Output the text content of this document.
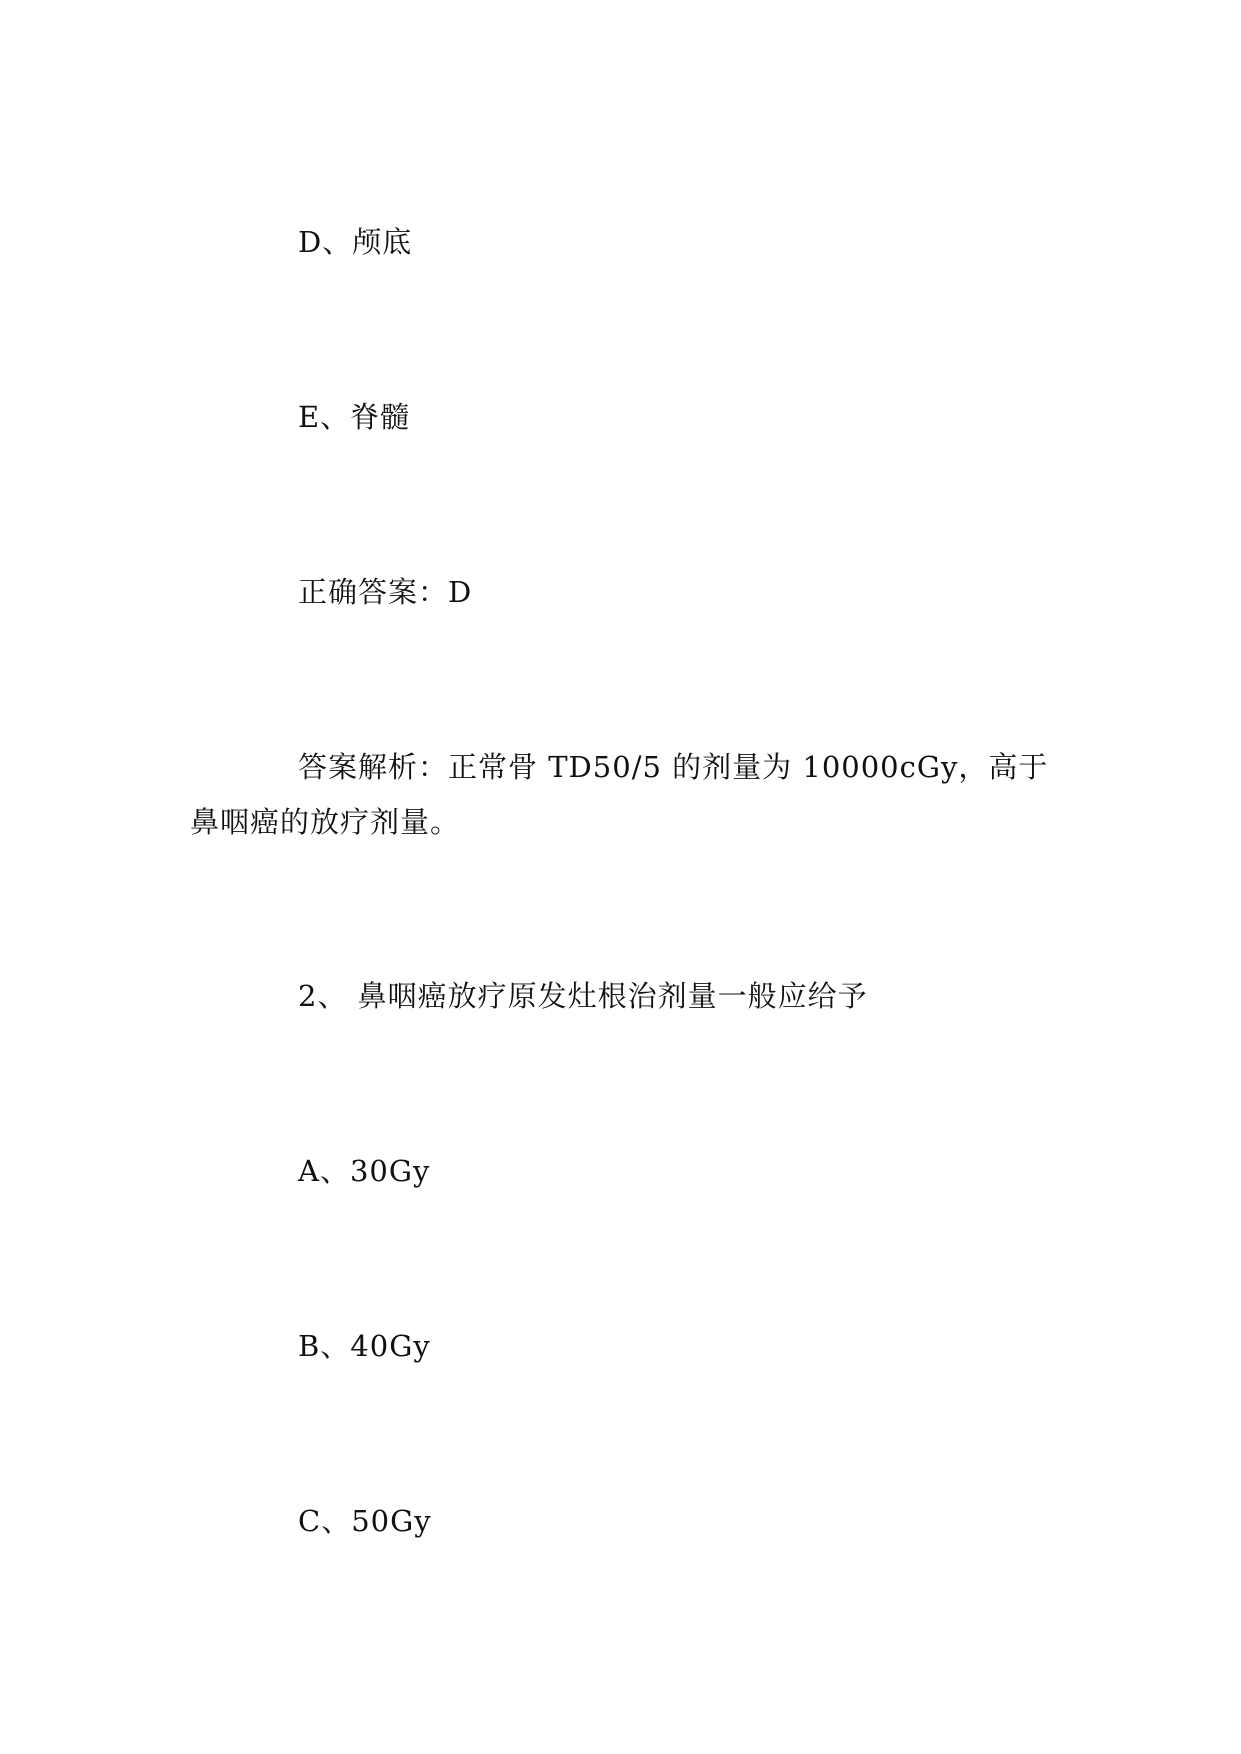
D、颅底
E、脊髓
正确答案：D
答案解析：正常骨 TD50/5 的剂量为 10000cGy，高于
鼻咽癌的放疗剂量。
2、 鼻咽癌放疗原发灶根治剂量一般应给予
A、30Gy
B、40Gy
C、50Gy
